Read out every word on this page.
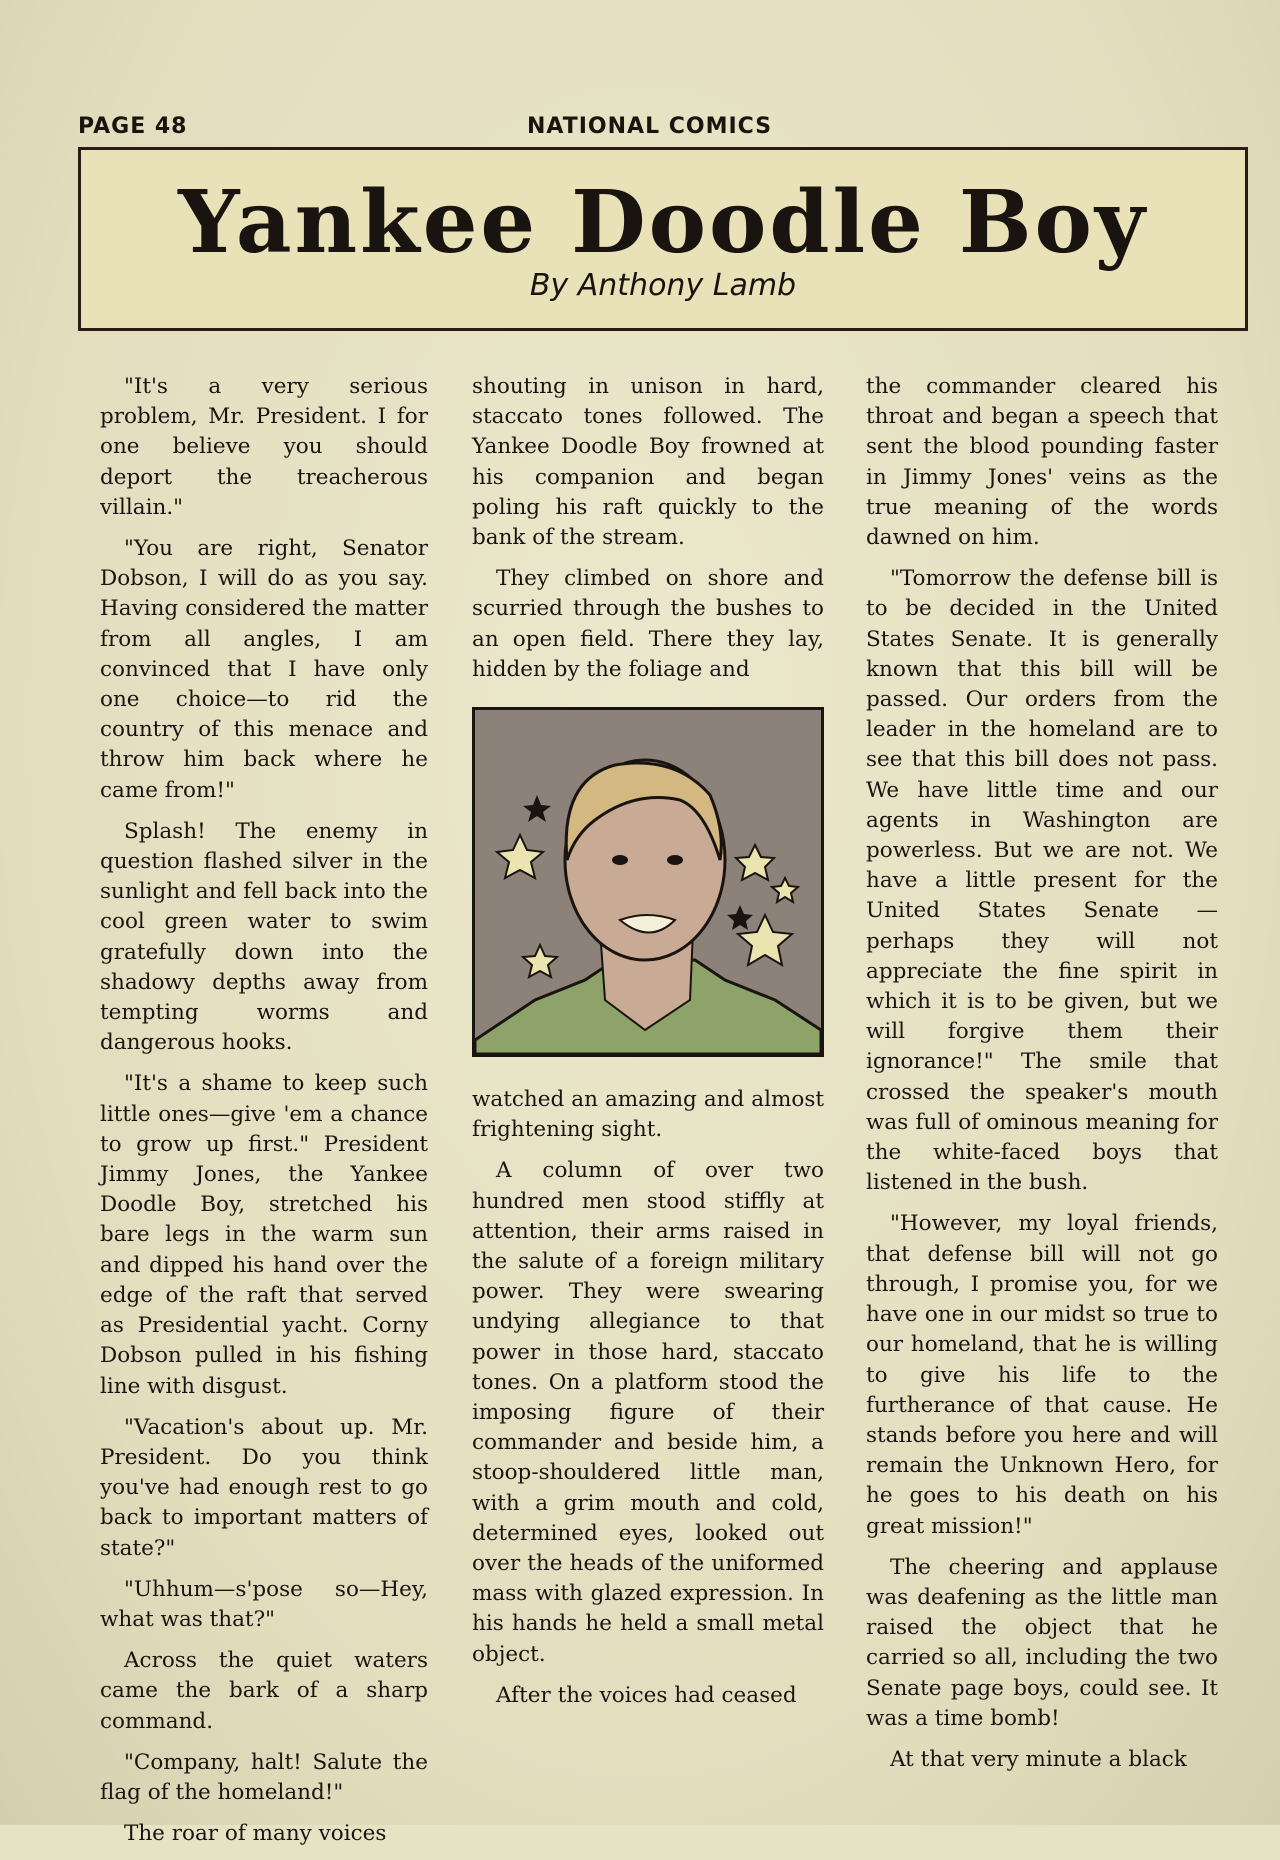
PAGE 48	NATIONAL COMICS
Yankee Doodle Boy
By Anthony Lamb

"It's a very serious problem, Mr. President. I for one believe you should deport the treacherous villain."

"You are right, Senator Dobson, I will do as you say. Having considered the matter from all angles, I am convinced that I have only one choice—to rid the country of this menace and throw him back where he came from!"

Splash! The enemy in question flashed silver in the sunlight and fell back into the cool green water to swim gratefully down into the shadowy depths away from tempting worms and dangerous hooks.

"It's a shame to keep such little ones—give 'em a chance to grow up first." President Jimmy Jones, the Yankee Doodle Boy, stretched his bare legs in the warm sun and dipped his hand over the edge of the raft that served as Presidential yacht. Corny Dobson pulled in his fishing line with disgust.

"Vacation's about up. Mr. President. Do you think you've had enough rest to go back to important matters of state?"

"Uhhum—s'pose so—Hey, what was that?"

Across the quiet waters came the bark of a sharp command.

"Company, halt! Salute the flag of the homeland!"

The roar of many voices

shouting in unison in hard, staccato tones followed. The Yankee Doodle Boy frowned at his companion and began poling his raft quickly to the bank of the stream.

They climbed on shore and scurried through the bushes to an open field. There they lay, hidden by the foliage and

watched an amazing and almost frightening sight.

A column of over two hundred men stood stiffly at attention, their arms raised in the salute of a foreign military power. They were swearing undying allegiance to that power in those hard, staccato tones. On a platform stood the imposing figure of their commander and beside him, a stoop-shouldered little man, with a grim mouth and cold, determined eyes, looked out over the heads of the uniformed mass with glazed expression. In his hands he held a small metal object.

After the voices had ceased

the commander cleared his throat and began a speech that sent the blood pounding faster in Jimmy Jones' veins as the true meaning of the words dawned on him.

"Tomorrow the defense bill is to be decided in the United States Senate. It is generally known that this bill will be passed. Our orders from the leader in the homeland are to see that this bill does not pass. We have little time and our agents in Washington are powerless. But we are not. We have a little present for the United States Senate — perhaps they will not appreciate the fine spirit in which it is to be given, but we will forgive them their ignorance!" The smile that crossed the speaker's mouth was full of ominous meaning for the white-faced boys that listened in the bush.

"However, my loyal friends, that defense bill will not go through, I promise you, for we have one in our midst so true to our homeland, that he is willing to give his life to the furtherance of that cause. He stands before you here and will remain the Unknown Hero, for he goes to his death on his great mission!"

The cheering and applause was deafening as the little man raised the object that he carried so all, including the two Senate page boys, could see. It was a time bomb!

At that very minute a black
